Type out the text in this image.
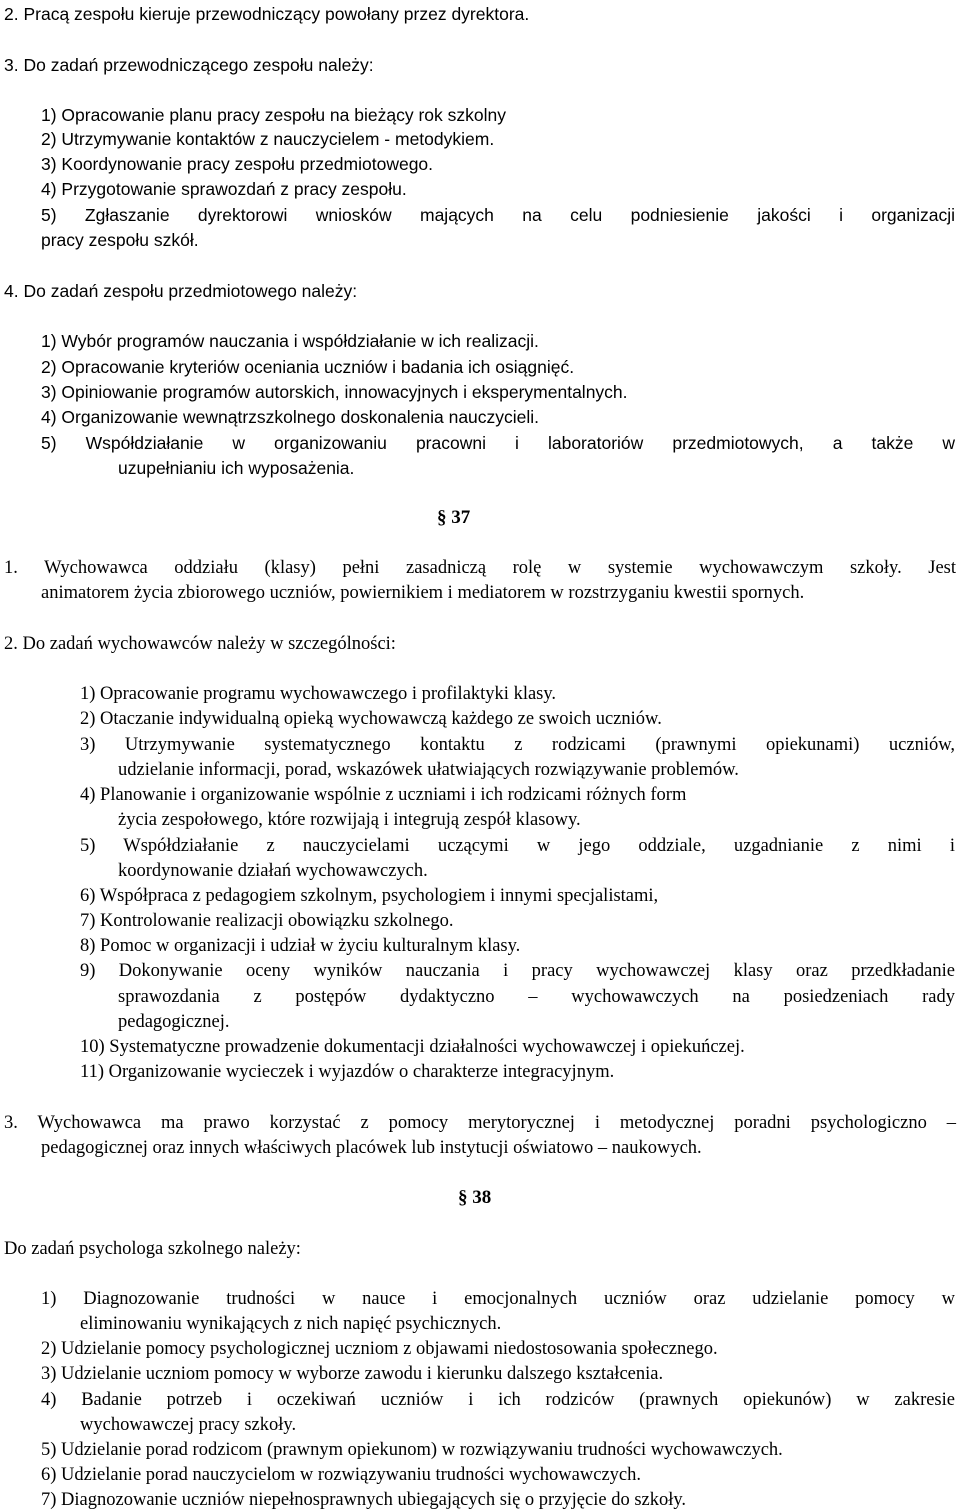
2. Pracą zespołu kieruje przewodniczący powołany przez dyrektora.
3. Do zadań przewodniczącego zespołu należy:
1) Opracowanie planu pracy zespołu na bieżący rok szkolny
2) Utrzymywanie kontaktów z nauczycielem - metodykiem.
3) Koordynowanie pracy zespołu przedmiotowego.
4) Przygotowanie sprawozdań z pracy zespołu.
5) Zgłaszanie dyrektorowi wniosków mających na celu podniesienie jakości i organizacji
pracy zespołu szkół.
4. Do zadań zespołu przedmiotowego należy:
1) Wybór programów nauczania i współdziałanie w ich realizacji.
2) Opracowanie kryteriów oceniania uczniów i badania ich osiągnięć.
3) Opiniowanie programów autorskich, innowacyjnych i eksperymentalnych.
4) Organizowanie wewnątrzszkolnego doskonalenia nauczycieli.
5) Współdziałanie w organizowaniu pracowni i laboratoriów przedmiotowych, a także w
uzupełnianiu ich wyposażenia.
§ 37
1. Wychowawca oddziału (klasy) pełni zasadniczą rolę w systemie wychowawczym szkoły. Jest
animatorem życia zbiorowego uczniów, powiernikiem i mediatorem w rozstrzyganiu kwestii spornych.
2. Do zadań wychowawców należy w szczególności:
1) Opracowanie programu wychowawczego i profilaktyki klasy.
2) Otaczanie indywidualną opieką wychowawczą każdego ze swoich uczniów.
3) Utrzymywanie systematycznego kontaktu z rodzicami (prawnymi opiekunami) uczniów,
udzielanie informacji, porad, wskazówek ułatwiających rozwiązywanie problemów.
4) Planowanie i organizowanie wspólnie z uczniami i ich rodzicami różnych form
życia zespołowego, które rozwijają i integrują zespół klasowy.
5) Współdziałanie z nauczycielami uczącymi w jego oddziale, uzgadnianie z nimi i
koordynowanie działań wychowawczych.
6) Współpraca z pedagogiem szkolnym, psychologiem i innymi specjalistami,
7) Kontrolowanie realizacji obowiązku szkolnego.
8) Pomoc w organizacji i udział w życiu kulturalnym klasy.
9) Dokonywanie oceny wyników nauczania i pracy wychowawczej klasy oraz przedkładanie
sprawozdania z postępów dydaktyczno – wychowawczych na posiedzeniach rady
pedagogicznej.
10) Systematyczne prowadzenie dokumentacji działalności wychowawczej i opiekuńczej.
11) Organizowanie wycieczek i wyjazdów o charakterze integracyjnym.
3. Wychowawca ma prawo korzystać z pomocy merytorycznej i metodycznej poradni psychologiczno –
pedagogicznej oraz innych właściwych placówek lub instytucji oświatowo – naukowych.
§ 38
Do zadań psychologa szkolnego należy:
1) Diagnozowanie trudności w nauce i emocjonalnych uczniów oraz udzielanie pomocy w
eliminowaniu wynikających z nich napięć psychicznych.
2) Udzielanie pomocy psychologicznej uczniom z objawami niedostosowania społecznego.
3) Udzielanie uczniom pomocy w wyborze zawodu i kierunku dalszego kształcenia.
4) Badanie potrzeb i oczekiwań uczniów i ich rodziców (prawnych opiekunów) w zakresie
wychowawczej pracy szkoły.
5) Udzielanie porad rodzicom (prawnym opiekunom) w rozwiązywaniu trudności wychowawczych.
6) Udzielanie porad nauczycielom w rozwiązywaniu trudności wychowawczych.
7) Diagnozowanie uczniów niepełnosprawnych ubiegających się o przyjęcie do szkoły.
